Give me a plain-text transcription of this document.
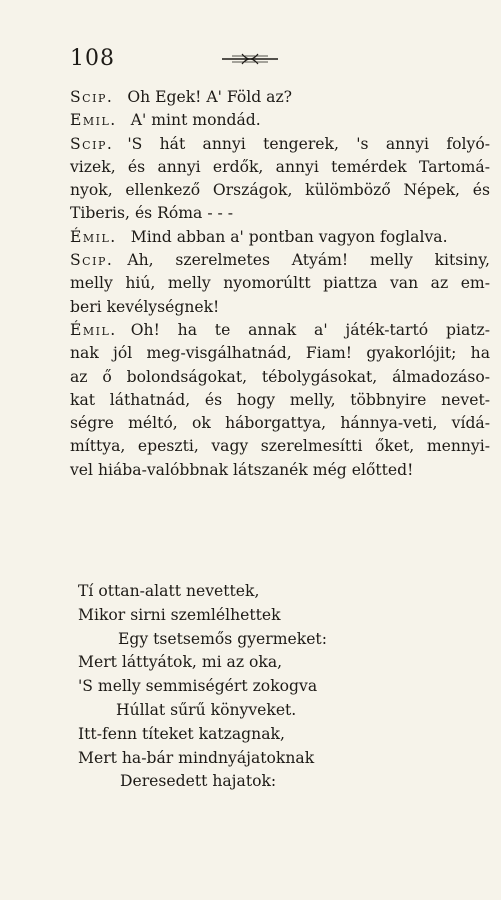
108
Scip. Oh Egek! A' Föld az?
Emil. A' mint mondád.
Scip. 'S hát annyi tengerek, 's annyi folyó-
vizek, és annyi erdők, annyi temérdek Tartomá-
nyok, ellenkező Országok, külömböző Népek, és
Tiberis, és Róma - - -
Émil. Mind abban a' pontban vagyon foglalva.
Scip. Ah, szerelmetes Atyám! melly kitsiny,
melly hiú, melly nyomorúltt piattza van az em-
beri kevélységnek!
Émil. Oh! ha te annak a' játék-tartó piatz-
nak jól meg-visgálhatnád, Fiam! gyakorlójit; ha
az ő bolondságokat, tébolygásokat, álmadozáso-
kat láthatnád, és hogy melly, többnyire nevet-
ségre méltó, ok háborgattya, hánnya-veti, vídá-
míttya, epeszti, vagy szerelmesítti őket, mennyi-
vel hiába-valóbbnak látszanék még előtted!
Tí ottan-alatt nevettek,
Mikor sirni szemlélhettek
Egy tsetsemős gyermeket:
Mert láttyátok, mi az oka,
'S melly semmiségért zokogva
Húllat sűrű könyveket.
Itt-fenn títeket katzagnak,
Mert ha-bár mindnyájatoknak
Deresedett hajatok:
